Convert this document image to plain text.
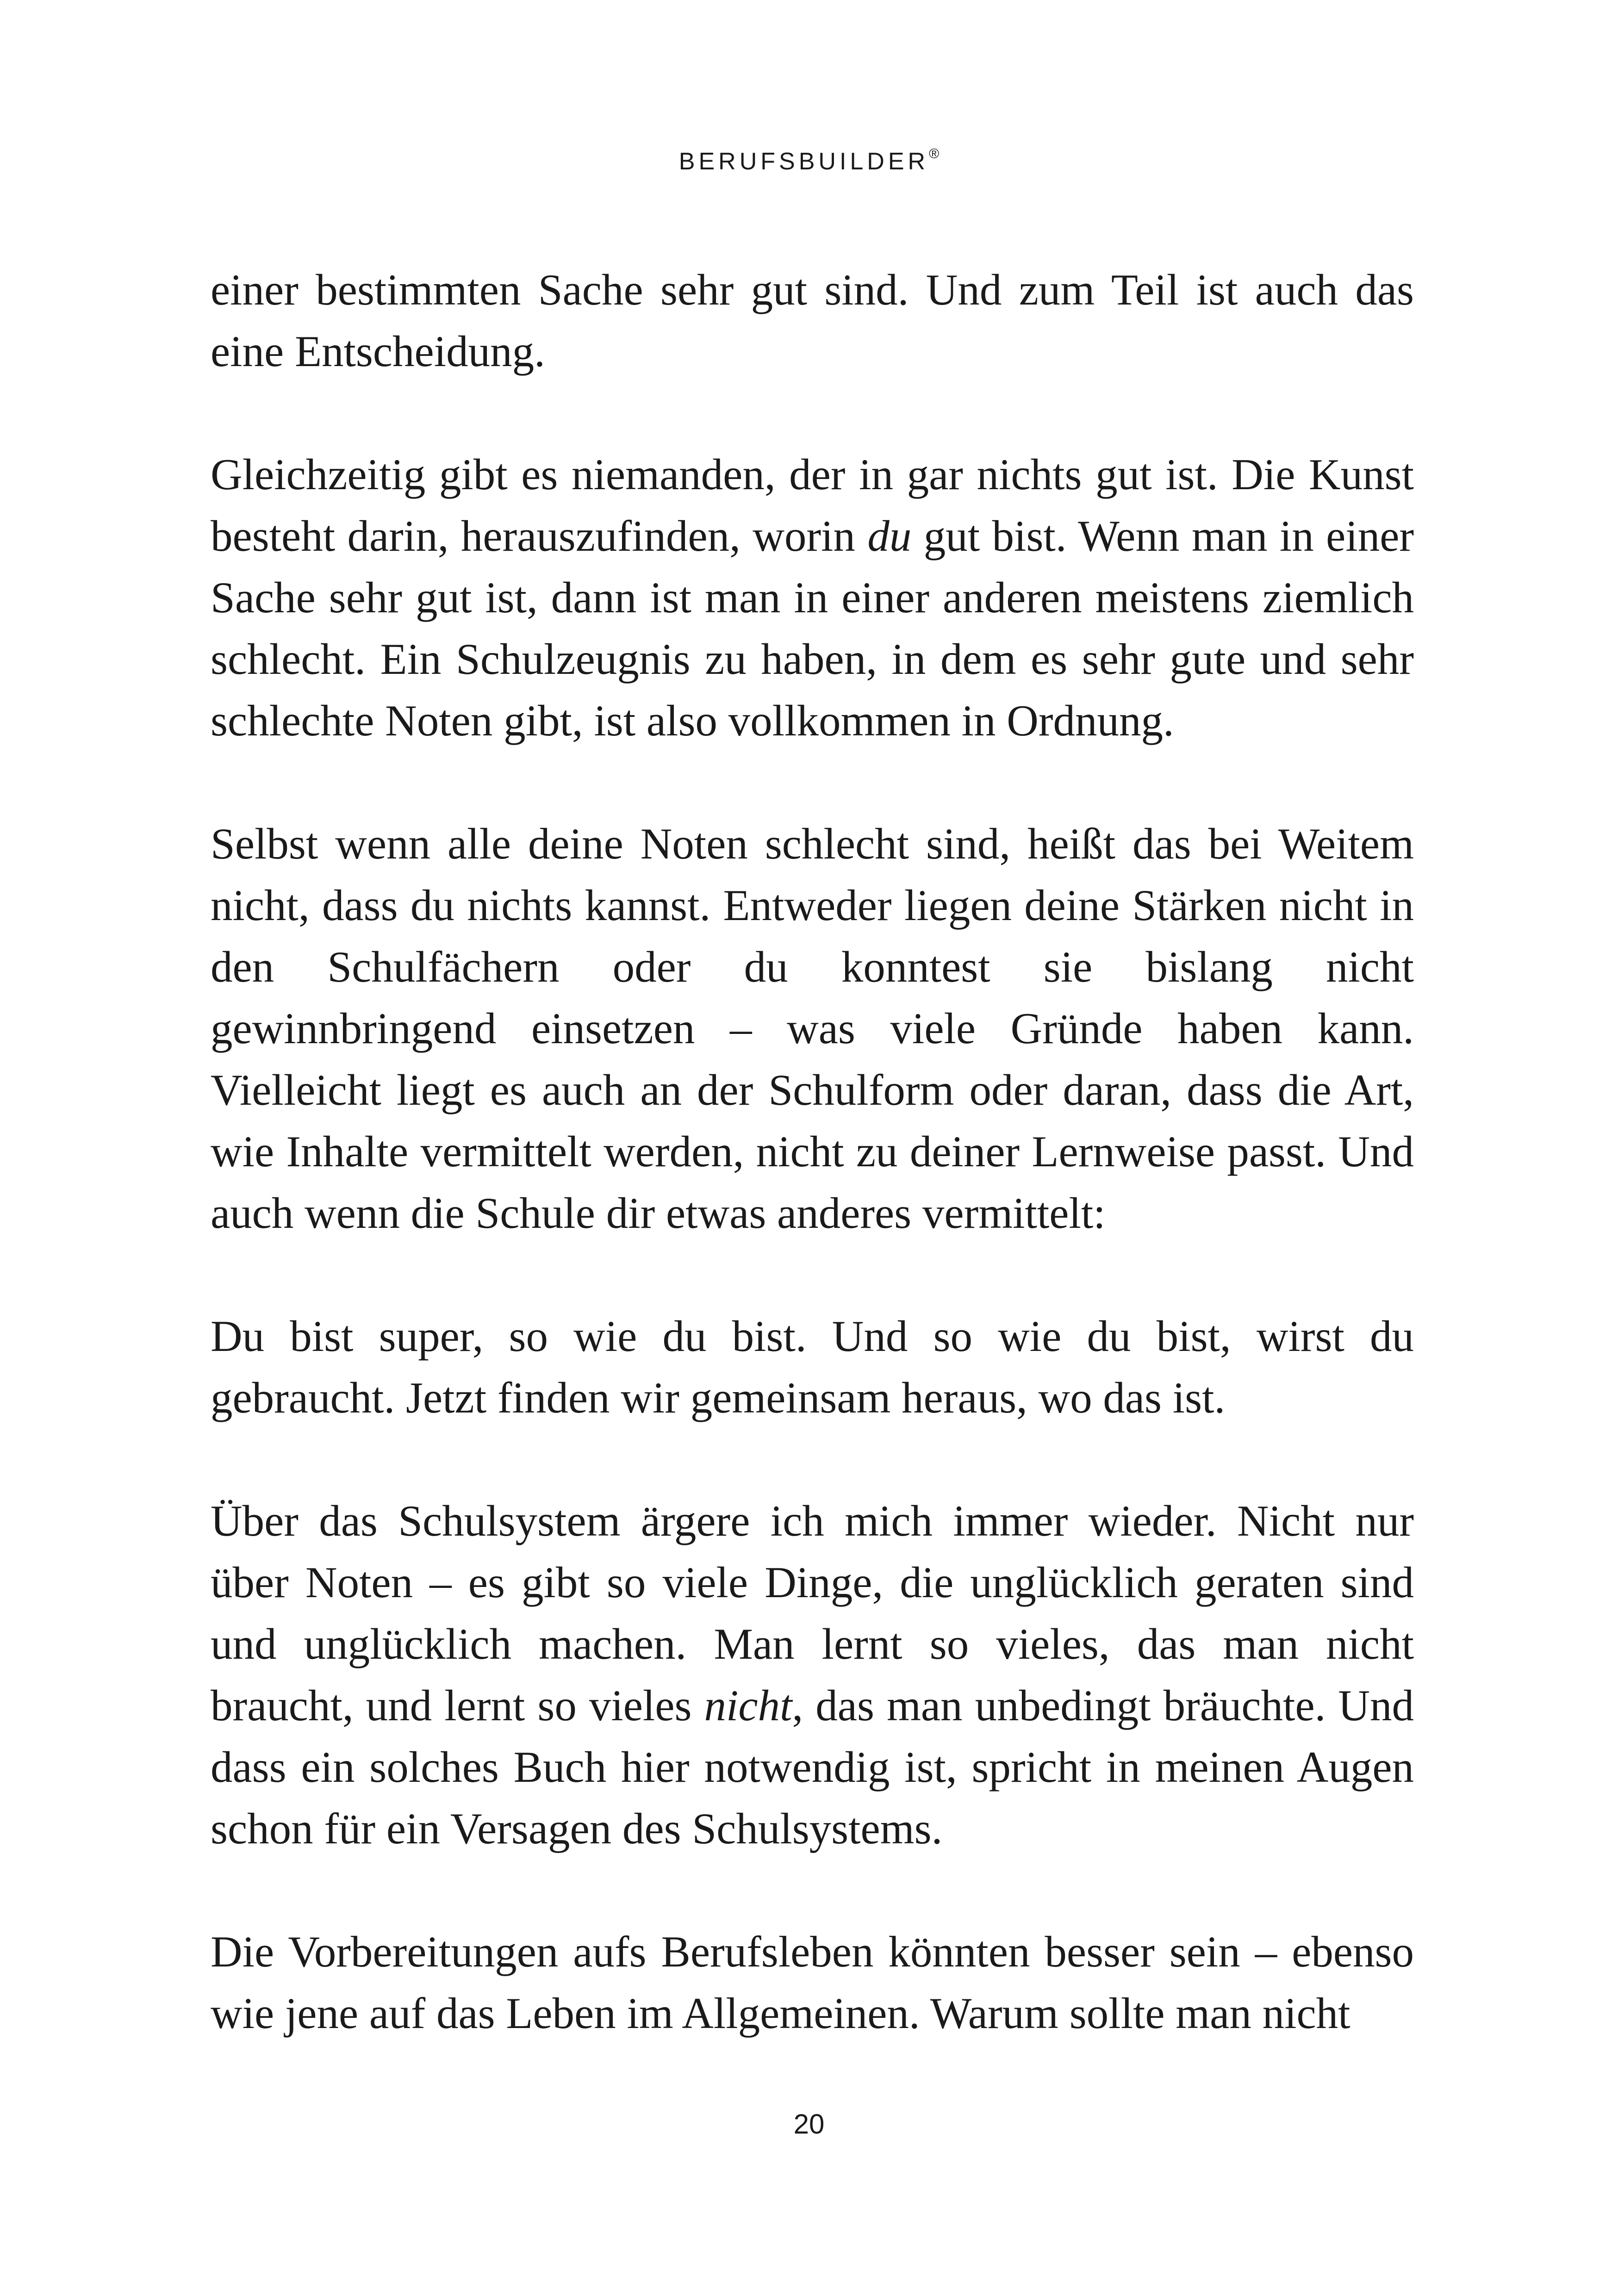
BERUFSBUILDER®

einer bestimmten Sache sehr gut sind. Und zum Teil ist auch das eine Entscheidung.

Gleichzeitig gibt es niemanden, der in gar nichts gut ist. Die Kunst besteht darin, herauszufinden, worin du gut bist. Wenn man in einer Sache sehr gut ist, dann ist man in einer anderen meistens ziemlich schlecht. Ein Schulzeugnis zu haben, in dem es sehr gute und sehr schlechte Noten gibt, ist also vollkommen in Ordnung.

Selbst wenn alle deine Noten schlecht sind, heißt das bei Weitem nicht, dass du nichts kannst. Entweder liegen deine Stärken nicht in den Schulfächern oder du konntest sie bislang nicht gewinnbringend einsetzen – was viele Gründe haben kann. Vielleicht liegt es auch an der Schulform oder daran, dass die Art, wie Inhalte vermittelt werden, nicht zu deiner Lernweise passt. Und auch wenn die Schule dir etwas anderes vermittelt:

Du bist super, so wie du bist. Und so wie du bist, wirst du gebraucht. Jetzt finden wir gemeinsam heraus, wo das ist.

Über das Schulsystem ärgere ich mich immer wieder. Nicht nur über Noten – es gibt so viele Dinge, die unglücklich geraten sind und unglücklich machen. Man lernt so vieles, das man nicht braucht, und lernt so vieles nicht, das man unbedingt bräuchte. Und dass ein solches Buch hier notwendig ist, spricht in meinen Augen schon für ein Versagen des Schulsystems.

Die Vorbereitungen aufs Berufsleben könnten besser sein – ebenso wie jene auf das Leben im Allgemeinen. Warum sollte man nicht

20
